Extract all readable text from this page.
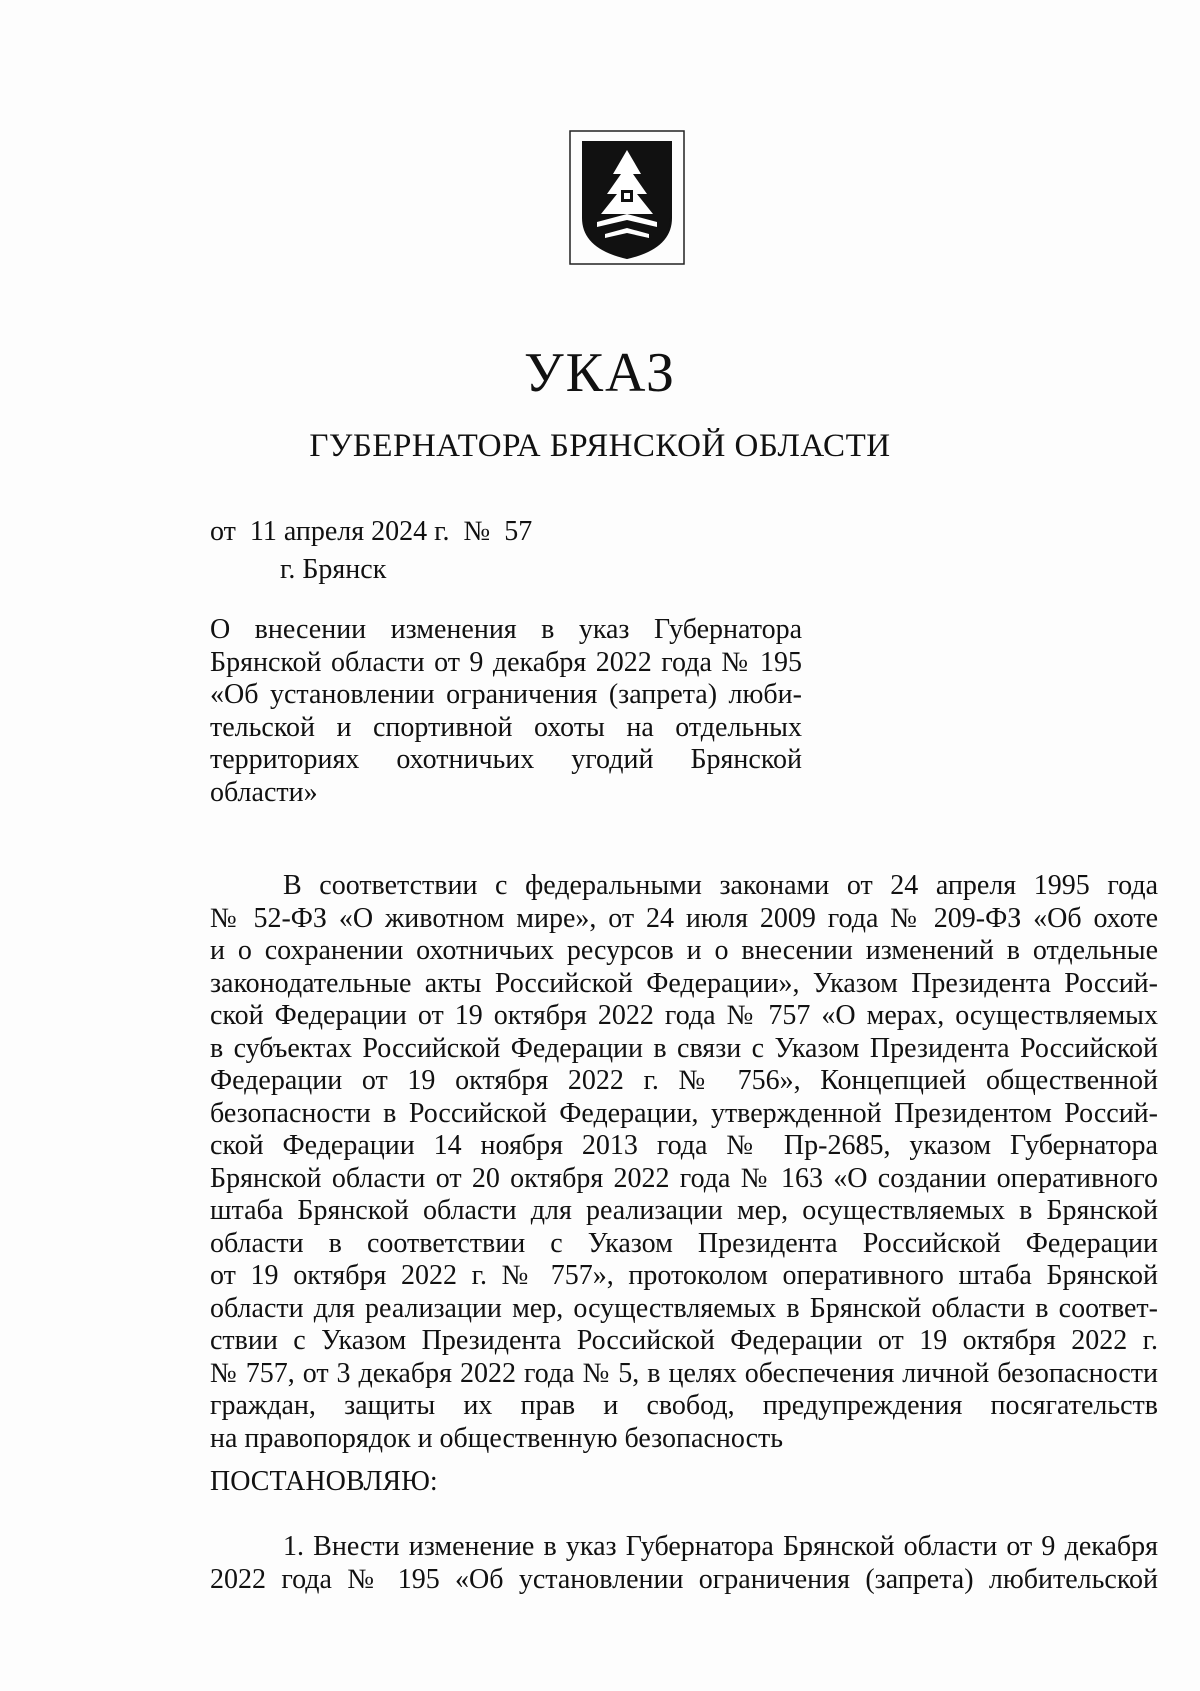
УКАЗ
ГУБЕРНАТОРА БРЯНСКОЙ ОБЛАСТИ
от  11 апреля 2024 г.  №  57
г. Брянск
О внесении изменения в указ Губернатора
Брянской области от 9 декабря 2022 года № 195
«Об установлении ограничения (запрета) люби-
тельской и спортивной охоты на отдельных
территориях охотничьих угодий Брянской
области»
В соответствии с федеральными законами от 24 апреля 1995 года
№ 52-ФЗ «О животном мире», от 24 июля 2009 года № 209-ФЗ «Об охоте
и о сохранении охотничьих ресурсов и о внесении изменений в отдельные
законодательные акты Российской Федерации», Указом Президента Россий-
ской Федерации от 19 октября 2022 года № 757 «О мерах, осуществляемых
в субъектах Российской Федерации в связи с Указом Президента Российской
Федерации от 19 октября 2022 г. № 756», Концепцией общественной
безопасности в Российской Федерации, утвержденной Президентом Россий-
ской Федерации 14 ноября 2013 года № Пр-2685, указом Губернатора
Брянской области от 20 октября 2022 года № 163 «О создании оперативного
штаба Брянской области для реализации мер, осуществляемых в Брянской
области в соответствии с Указом Президента Российской Федерации
от 19 октября 2022 г. № 757», протоколом оперативного штаба Брянской
области для реализации мер, осуществляемых в Брянской области в соответ-
ствии с Указом Президента Российской Федерации от 19 октября 2022 г.
№ 757, от 3 декабря 2022 года № 5, в целях обеспечения личной безопасности
граждан, защиты их прав и свобод, предупреждения посягательств
на правопорядок и общественную безопасность
ПОСТАНОВЛЯЮ:
1. Внести изменение в указ Губернатора Брянской области от 9 декабря
2022 года № 195 «Об установлении ограничения (запрета) любительской
